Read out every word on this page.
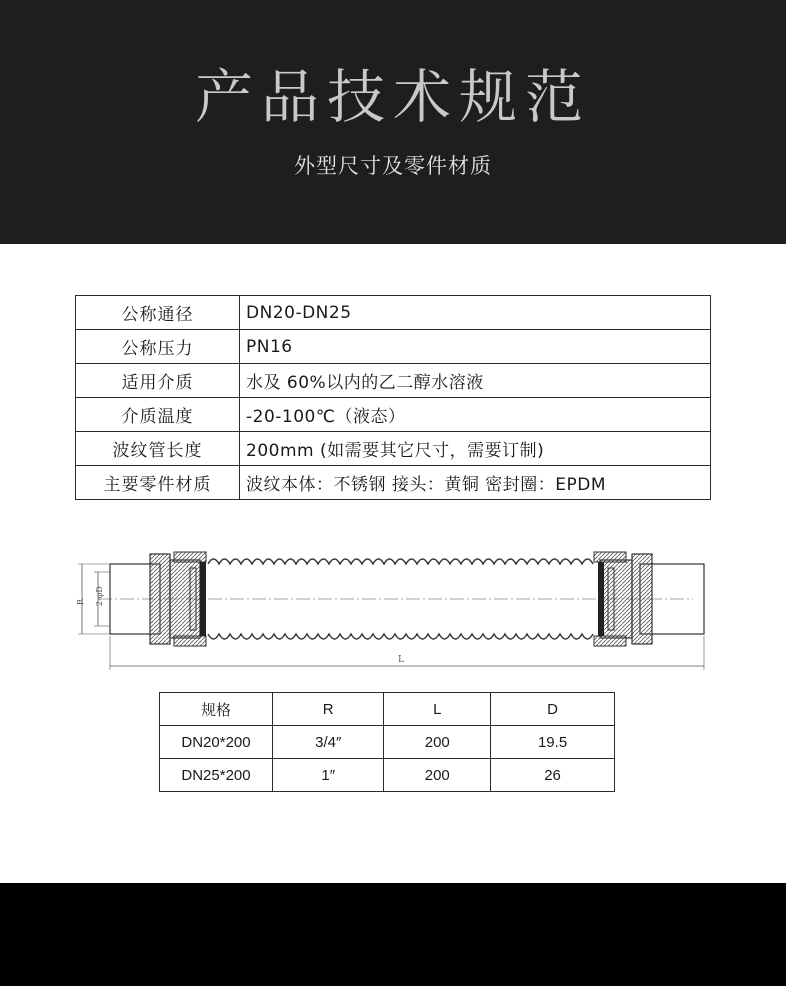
产品技术规范
外型尺寸及零件材质
公称通径	DN20-DN25
公称压力	PN16
适用介质	水及 60%以内的乙二醇水溶液
介质温度	-20-100℃（液态）
波纹管长度	200mm (如需要其它尺寸，需要订制)
主要零件材质	波纹本体：不锈钢 接头：黄铜 密封圈：EPDM
R 2-φD
L
规格	R	L	D
DN20*200	3/4″	200	19.5
DN25*200	1″	200	26
